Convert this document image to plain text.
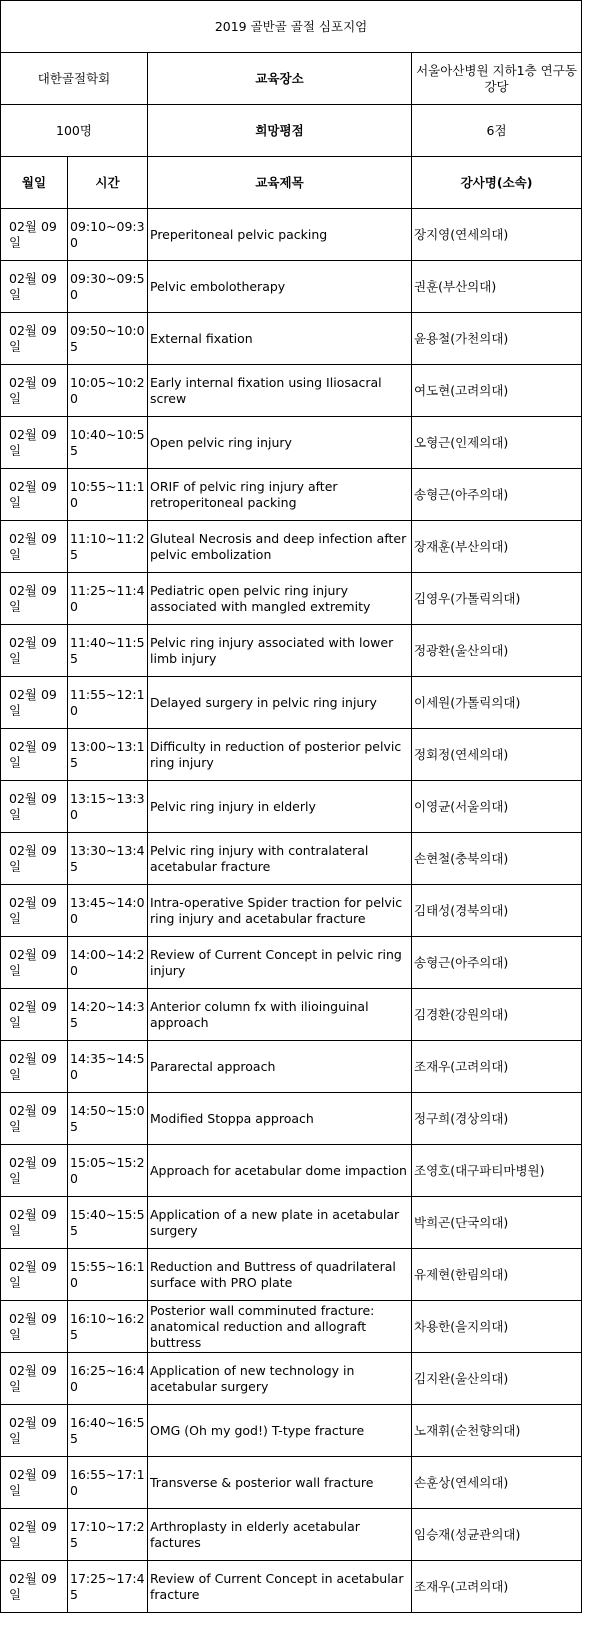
2019 골반골 골절 심포지엄			
대한골절학회		교육장소	서울아산병원 지하1층 연구동강당
100명		희망평점	6점
월일	시간	교육제목	강사명(소속)
02월 09일	09:10~09:30	Preperitoneal pelvic packing	장지영(연세의대)
02월 09일	09:30~09:50	Pelvic embolotherapy	권훈(부산의대)
02월 09일	09:50~10:05	External fixation	윤용철(가천의대)
02월 09일	10:05~10:20	Early internal fixation using Iliosacral screw	여도현(고려의대)
02월 09일	10:40~10:55	Open pelvic ring injury	오형근(인제의대)
02월 09일	10:55~11:10	ORIF of pelvic ring injury after retroperitoneal packing	송형근(아주의대)
02월 09일	11:10~11:25	Gluteal Necrosis and deep infection after pelvic embolization	장재훈(부산의대)
02월 09일	11:25~11:40	Pediatric open pelvic ring injury associated with mangled extremity	김영우(가톨릭의대)
02월 09일	11:40~11:55	Pelvic ring injury associated with lower limb injury	정광환(울산의대)
02월 09일	11:55~12:10	Delayed surgery in pelvic ring injury	이세원(가톨릭의대)
02월 09일	13:00~13:15	Difficulty in reduction of posterior pelvic ring injury	정회정(연세의대)
02월 09일	13:15~13:30	Pelvic ring injury in elderly	이영균(서울의대)
02월 09일	13:30~13:45	Pelvic ring injury with contralateral acetabular fracture	손현철(충북의대)
02월 09일	13:45~14:00	Intra-operative Spider traction for pelvic ring injury and acetabular fracture	김태성(경북의대)
02월 09일	14:00~14:20	Review of Current Concept in pelvic ring injury	송형근(아주의대)
02월 09일	14:20~14:35	Anterior column fx with ilioinguinal approach	김경환(강원의대)
02월 09일	14:35~14:50	Pararectal approach	조재우(고려의대)
02월 09일	14:50~15:05	Modified Stoppa approach	정구희(경상의대)
02월 09일	15:05~15:20	Approach for acetabular dome impaction	조영호(대구파티마병원)
02월 09일	15:40~15:55	Application of a new plate in acetabular surgery	박희곤(단국의대)
02월 09일	15:55~16:10	Reduction and Buttress of quadrilateral surface with PRO plate	유제현(한림의대)
02월 09일	16:10~16:25	Posterior wall comminuted fracture: anatomical reduction and allograft buttress	차용한(을지의대)
02월 09일	16:25~16:40	Application of new technology in acetabular surgery	김지완(울산의대)
02월 09일	16:40~16:55	OMG (Oh my god!) T-type fracture	노재휘(순천향의대)
02월 09일	16:55~17:10	Transverse & posterior wall fracture	손훈상(연세의대)
02월 09일	17:10~17:25	Arthroplasty in elderly acetabular factures	임승재(성균관의대)
02월 09일	17:25~17:45	Review of Current Concept in acetabular fracture	조재우(고려의대)
